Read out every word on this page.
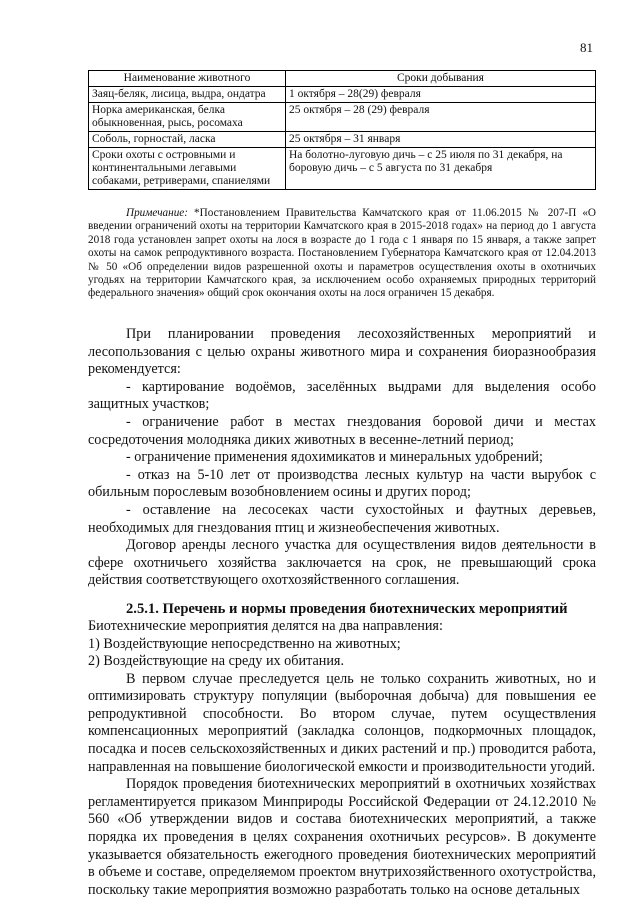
81
Наименование животного	Сроки добывания
Заяц-беляк, лисица, выдра, ондатра	1 октября – 28(29) февраля
Норка американская, белка обыкновенная, рысь, росомаха	25 октября – 28 (29) февраля
Соболь, горностай, ласка	25 октября – 31 января
Сроки охоты с островными и континентальными легавыми собаками, ретриверами, спаниелями	На болотно-луговую дичь – с 25 июля по 31 декабря, на боровую дичь – с 5 августа по 31 декабря
Примечание: *Постановлением Правительства Камчатского края от 11.06.2015 № 207-П «О введении ограничений охоты на территории Камчатского края в 2015-2018 годах» на период до 1 августа 2018 года установлен запрет охоты на лося в возрасте до 1 года с 1 января по 15 января, а также запрет охоты на самок репродуктивного возраста. Постановлением Губернатора Камчатского края от 12.04.2013 № 50 «Об определении видов разрешенной охоты и параметров осуществления охоты в охотничьих угодьях на территории Камчатского края, за исключением особо охраняемых природных территорий федерального значения» общий срок окончания охоты на лося ограничен 15 декабря.

При планировании проведения лесохозяйственных мероприятий и лесопользования с целью охраны животного мира и сохранения биоразнообразия рекомендуется:

- картирование водоёмов, заселённых выдрами для выделения особо защитных участков;

- ограничение работ в местах гнездования боровой дичи и местах сосредоточения молодняка диких животных в весенне-летний период;

- ограничение применения ядохимикатов и минеральных удобрений;

- отказ на 5-10 лет от производства лесных культур на части вырубок с обильным порослевым возобновлением осины и других пород;

- оставление на лесосеках части сухостойных и фаутных деревьев, необходимых для гнездования птиц и жизнеобеспечения животных.

Договор аренды лесного участка для осуществления видов деятельности в сфере охотничьего хозяйства заключается на срок, не превышающий срока действия соответствующего охотхозяйственного соглашения.

2.5.1. Перечень и нормы проведения биотехнических мероприятий

Биотехнические мероприятия делятся на два направления:

1) Воздействующие непосредственно на животных;

2) Воздействующие на среду их обитания.

В первом случае преследуется цель не только сохранить животных, но и оптимизировать структуру популяции (выборочная добыча) для повышения ее репродуктивной способности. Во втором случае, путем осуществления компенсационных мероприятий (закладка солонцов, подкормочных площадок, посадка и посев сельскохозяйственных и диких растений и пр.) проводится работа, направленная на повышение биологической емкости и производительности угодий.

Порядок проведения биотехнических мероприятий в охотничьих хозяйствах регламентируется приказом Минприроды Российской Федерации от 24.12.2010 № 560 «Об утверждении видов и состава биотехнических мероприятий, а также порядка их проведения в целях сохранения охотничьих ресурсов». В документе указывается обязательность ежегодного проведения биотехнических мероприятий в объеме и составе, определяемом проектом внутрихозяйственного охотустройства, поскольку такие мероприятия возможно разработать только на основе детальных
